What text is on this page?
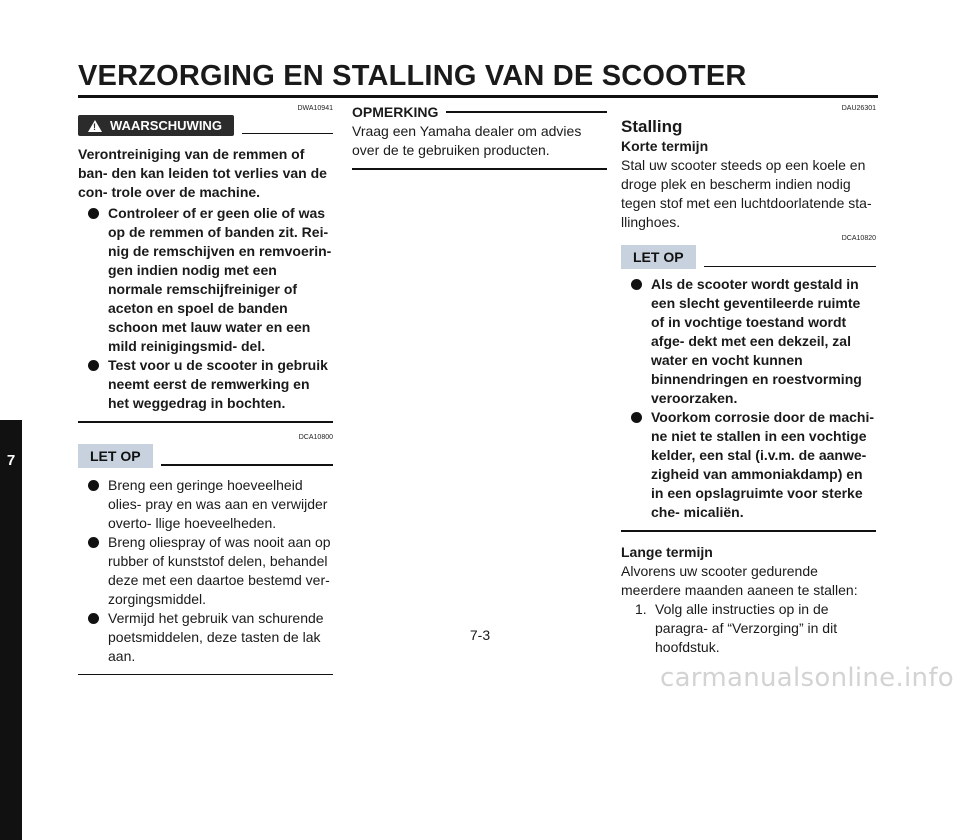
VERZORGING EN STALLING VAN DE SCOOTER
7
DWA10941
!
WAARSCHUWING
Verontreiniging van de remmen of ban- den kan leiden tot verlies van de con- trole over de machine.
Controleer of er geen olie of was op de remmen of banden zit. Rei- nig de remschijven en remvoerin- gen indien nodig met een normale remschijfreiniger of aceton en spoel de banden schoon met lauw water en een mild reinigingsmid- del.
Test voor u de scooter in gebruik neemt eerst de remwerking en het weggedrag in bochten.
DCA10800
LET OP
Breng een geringe hoeveelheid olies- pray en was aan en verwijder overto- llige hoeveelheden.
Breng oliespray of was nooit aan op rubber of kunststof delen, behandel deze met een daartoe bestemd ver- zorgingsmiddel.
Vermijd het gebruik van schurende poetsmiddelen, deze tasten de lak aan.
OPMERKING
Vraag een Yamaha dealer om advies over de te gebruiken producten.
DAU26301
Stalling
Korte termijn
Stal uw scooter steeds op een koele en droge plek en bescherm indien nodig tegen stof met een luchtdoorlatende sta- llinghoes.
DCA10820
LET OP
Als de scooter wordt gestald in een slecht geventileerde ruimte of in vochtige toestand wordt afge- dekt met een dekzeil, zal water en vocht kunnen binnendringen en roestvorming veroorzaken.
Voorkom corrosie door de machi- ne niet te stallen in een vochtige kelder, een stal (i.v.m. de aanwe- zigheid van ammoniakdamp) en in een opslagruimte voor sterke che- micaliën.
Lange termijn
Alvorens uw scooter gedurende meerdere maanden aaneen te stallen:
1. Volg alle instructies op in de paragra- af “Verzorging” in dit hoofdstuk.
7-3
carmanualsonline.info
